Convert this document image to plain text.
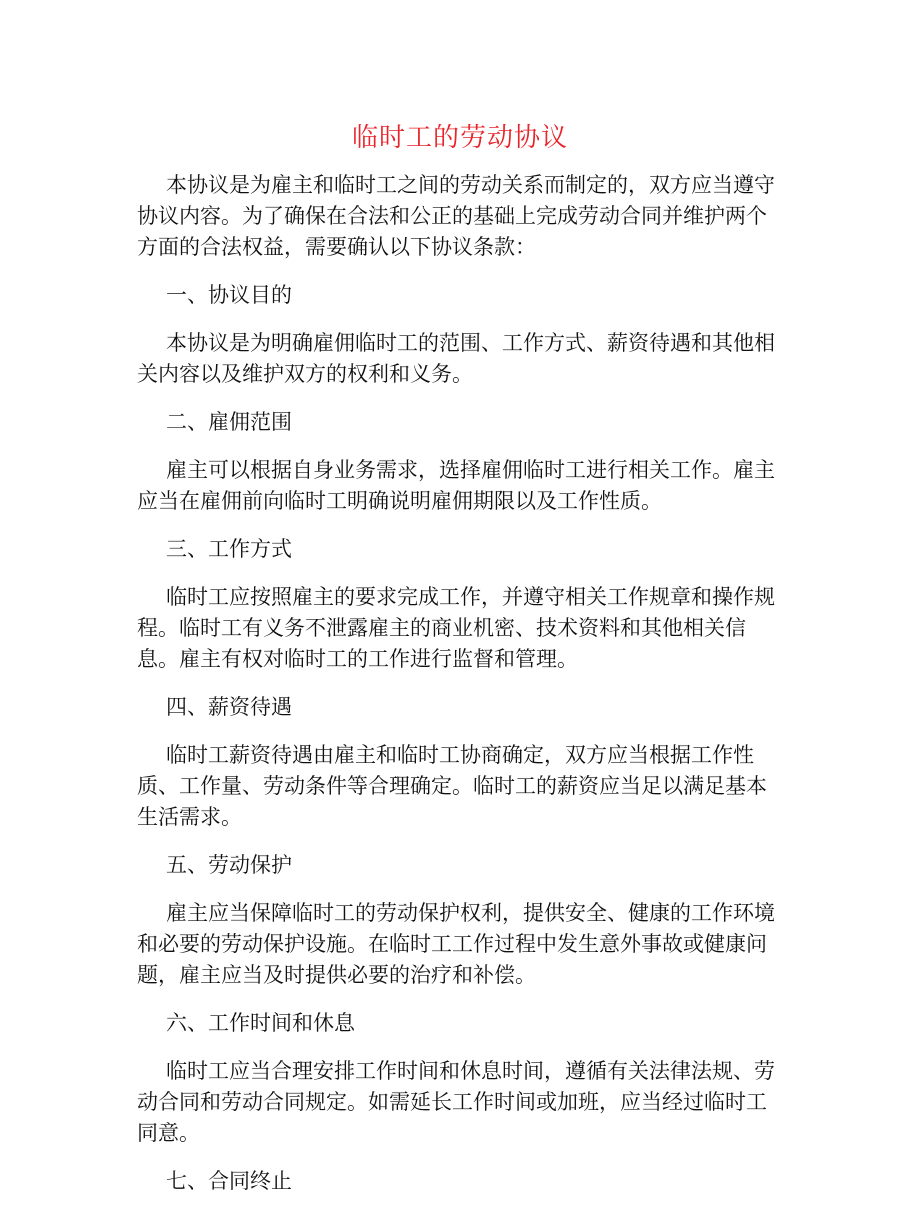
临时工的劳动协议

本协议是为雇主和临时工之间的劳动关系而制定的，双方应当遵守协议内容。为了确保在合法和公正的基础上完成劳动合同并维护两个方面的合法权益，需要确认以下协议条款：

一、协议目的

本协议是为明确雇佣临时工的范围、工作方式、薪资待遇和其他相关内容以及维护双方的权利和义务。

二、雇佣范围

雇主可以根据自身业务需求，选择雇佣临时工进行相关工作。雇主应当在雇佣前向临时工明确说明雇佣期限以及工作性质。

三、工作方式

临时工应按照雇主的要求完成工作，并遵守相关工作规章和操作规程。临时工有义务不泄露雇主的商业机密、技术资料和其他相关信息。雇主有权对临时工的工作进行监督和管理。

四、薪资待遇

临时工薪资待遇由雇主和临时工协商确定，双方应当根据工作性质、工作量、劳动条件等合理确定。临时工的薪资应当足以满足基本生活需求。

五、劳动保护

雇主应当保障临时工的劳动保护权利，提供安全、健康的工作环境和必要的劳动保护设施。在临时工工作过程中发生意外事故或健康问题，雇主应当及时提供必要的治疗和补偿。

六、工作时间和休息

临时工应当合理安排工作时间和休息时间，遵循有关法律法规、劳动合同和劳动合同规定。如需延长工作时间或加班，应当经过临时工同意。

七、合同终止
